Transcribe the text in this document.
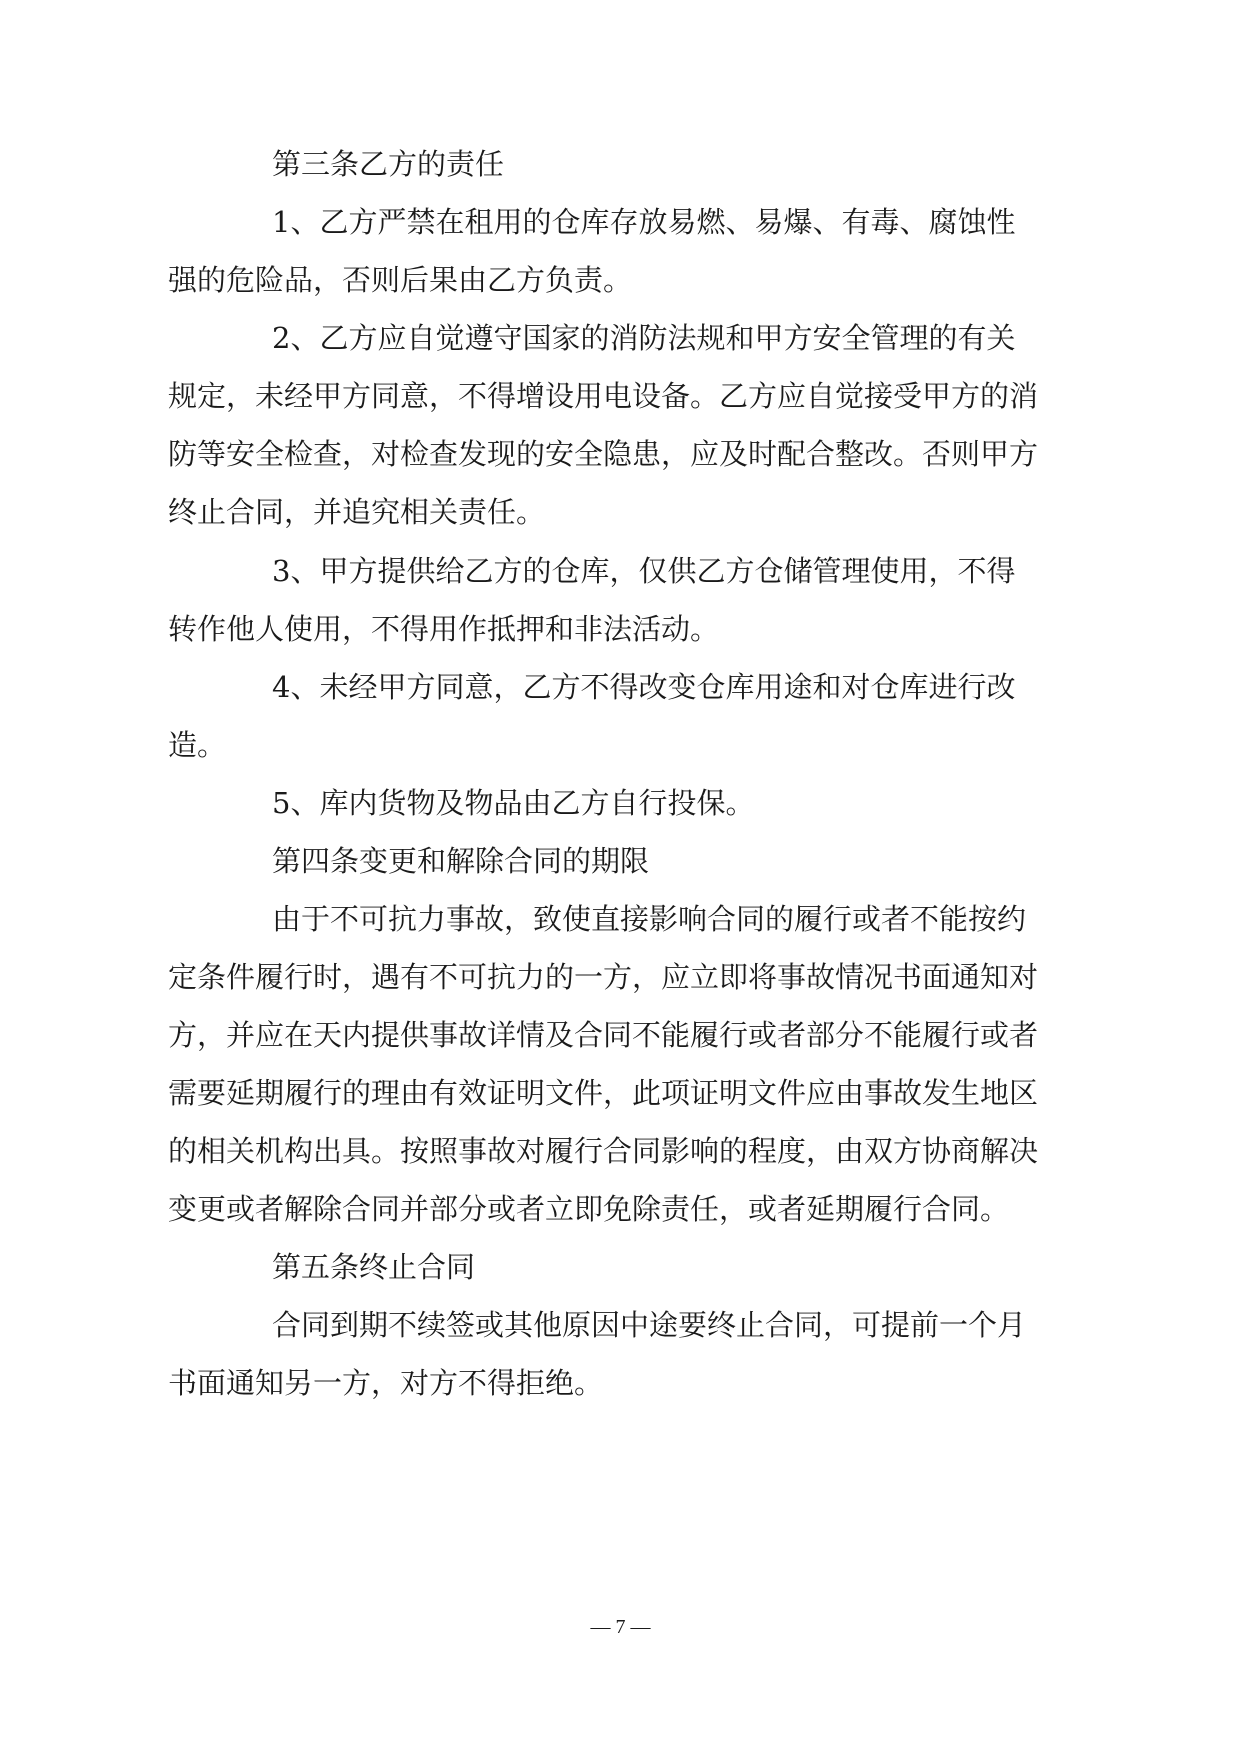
第三条乙方的责任
1、乙方严禁在租用的仓库存放易燃、易爆、有毒、腐蚀性
强的危险品，否则后果由乙方负责。
2、乙方应自觉遵守国家的消防法规和甲方安全管理的有关
规定，未经甲方同意，不得增设用电设备。乙方应自觉接受甲方的消
防等安全检查，对检查发现的安全隐患，应及时配合整改。否则甲方
终止合同，并追究相关责任。
3、甲方提供给乙方的仓库，仅供乙方仓储管理使用，不得
转作他人使用，不得用作抵押和非法活动。
4、未经甲方同意，乙方不得改变仓库用途和对仓库进行改
造。
5、库内货物及物品由乙方自行投保。
第四条变更和解除合同的期限
由于不可抗力事故，致使直接影响合同的履行或者不能按约
定条件履行时，遇有不可抗力的一方，应立即将事故情况书面通知对
方，并应在天内提供事故详情及合同不能履行或者部分不能履行或者
需要延期履行的理由有效证明文件，此项证明文件应由事故发生地区
的相关机构出具。按照事故对履行合同影响的程度，由双方协商解决
变更或者解除合同并部分或者立即免除责任，或者延期履行合同。
第五条终止合同
合同到期不续签或其他原因中途要终止合同，可提前一个月
书面通知另一方，对方不得拒绝。
— 7 —
